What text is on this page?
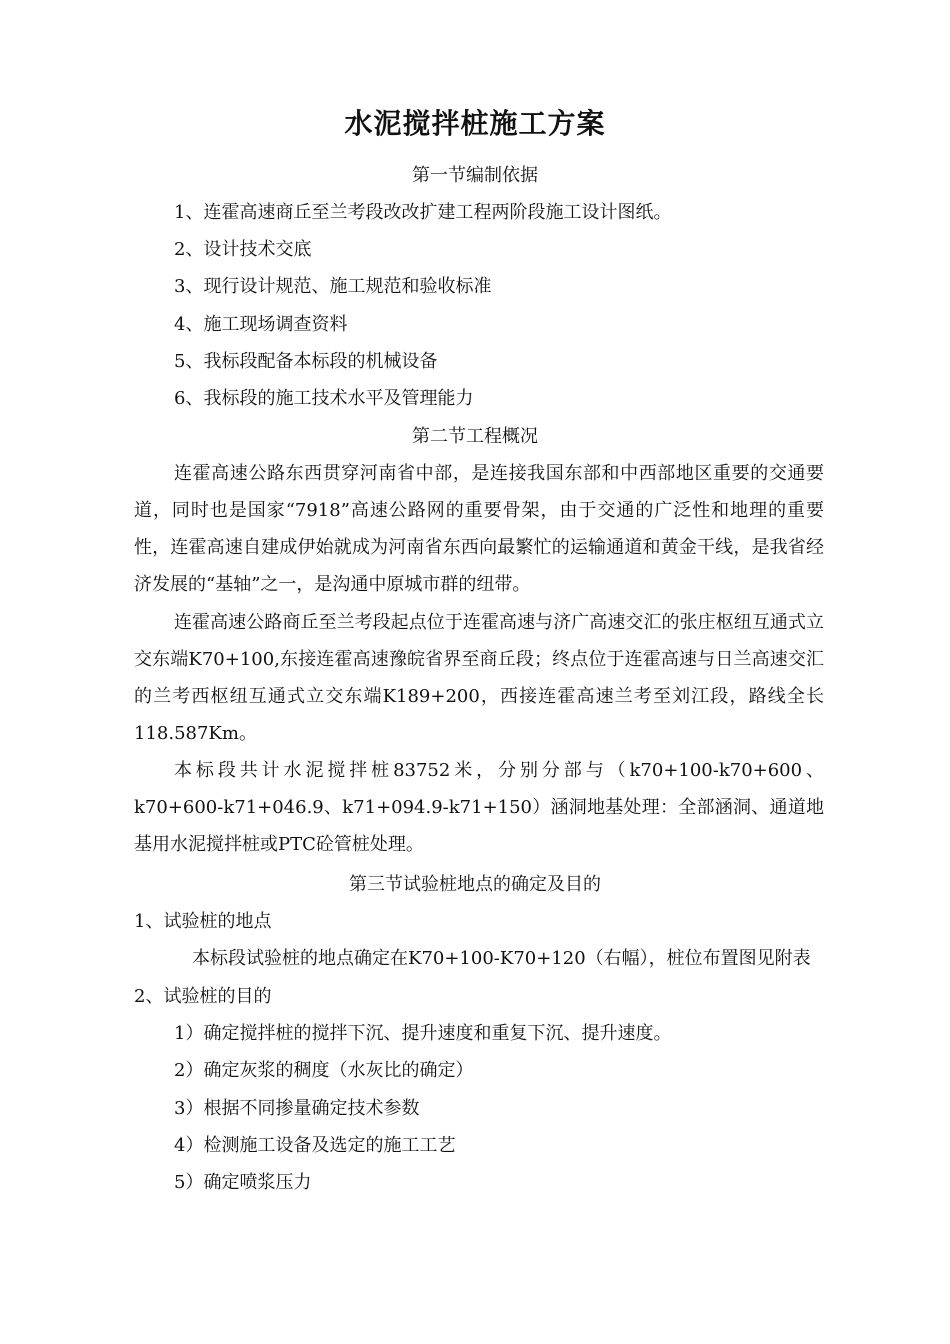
水泥搅拌桩施工方案
第一节编制依据
1、连霍高速商丘至兰考段改改扩建工程两阶段施工设计图纸。
2、设计技术交底
3、现行设计规范、施工规范和验收标准
4、施工现场调查资料
5、我标段配备本标段的机械设备
6、我标段的施工技术水平及管理能力
第二节工程概况
连霍高速公路东西贯穿河南省中部，是连接我国东部和中西部地区重要的交通要道，同时也是国家“7918”高速公路网的重要骨架，由于交通的广泛性和地理的重要性，连霍高速自建成伊始就成为河南省东西向最繁忙的运输通道和黄金干线，是我省经济发展的“基轴”之一，是沟通中原城市群的纽带。
连霍高速公路商丘至兰考段起点位于连霍高速与济广高速交汇的张庄枢纽互通式立交东端K70+100,东接连霍高速豫皖省界至商丘段；终点位于连霍高速与日兰高速交汇的兰考西枢纽互通式立交东端K189+200，西接连霍高速兰考至刘江段，路线全长118.587Km。
本标段共计水泥搅拌桩83752米，分别分部与（k70+100-k70+600、k70+600-k71+046.9、k71+094.9-k71+150）涵洞地基处理：全部涵洞、通道地基用水泥搅拌桩或PTC砼管桩处理。
第三节试验桩地点的确定及目的
1、试验桩的地点
本标段试验桩的地点确定在K70+100-K70+120（右幅），桩位布置图见附表
2、试验桩的目的
1）确定搅拌桩的搅拌下沉、提升速度和重复下沉、提升速度。
2）确定灰浆的稠度（水灰比的确定）
3）根据不同掺量确定技术参数
4）检测施工设备及选定的施工工艺
5）确定喷浆压力
